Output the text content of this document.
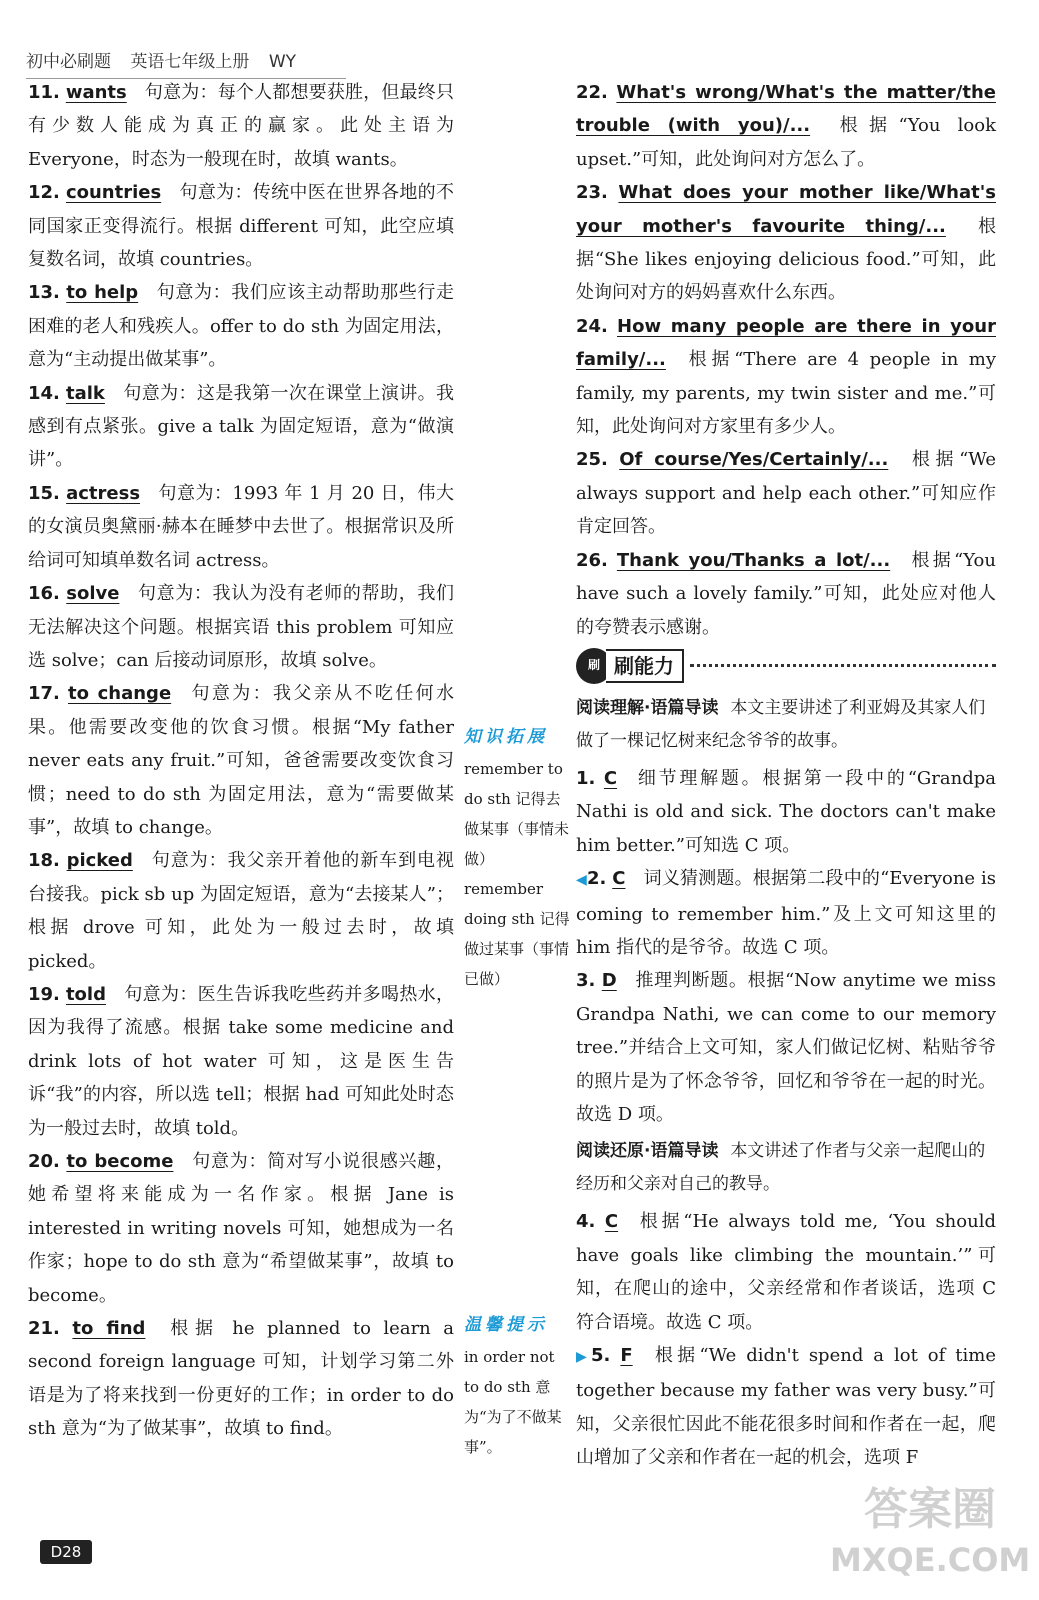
初中必刷题 英语七年级上册 WY
11. wants 句意为：每个人都想要获胜，但最终只有少数人能成为真正的赢家。此处主语为 Everyone，时态为一般现在时，故填 wants。
12. countries 句意为：传统中医在世界各地的不同国家正变得流行。根据 different 可知，此空应填复数名词，故填 countries。
13. to help 句意为：我们应该主动帮助那些行走困难的老人和残疾人。offer to do sth 为固定用法，意为“主动提出做某事”。
14. talk 句意为：这是我第一次在课堂上演讲。我感到有点紧张。give a talk 为固定短语，意为“做演讲”。
15. actress 句意为：1993 年 1 月 20 日，伟大的女演员奥黛丽·赫本在睡梦中去世了。根据常识及所给词可知填单数名词 actress。
16. solve 句意为：我认为没有老师的帮助，我们无法解决这个问题。根据宾语 this problem 可知应选 solve；can 后接动词原形，故填 solve。
17. to change 句意为：我父亲从不吃任何水果。他需要改变他的饮食习惯。根据“My father never eats any fruit.”可知，爸爸需要改变饮食习惯；need to do sth 为固定用法，意为“需要做某事”，故填 to change。
18. picked 句意为：我父亲开着他的新车到电视台接我。pick sb up 为固定短语，意为“去接某人”；根据 drove 可知，此处为一般过去时，故填 picked。
19. told 句意为：医生告诉我吃些药并多喝热水，因为我得了流感。根据 take some medicine and drink lots of hot water 可知，这是医生告诉“我”的内容，所以选 tell；根据 had 可知此处时态为一般过去时，故填 told。
20. to become 句意为：简对写小说很感兴趣，她希望将来能成为一名作家。根据 Jane is interested in writing novels 可知，她想成为一名作家；hope to do sth 意为“希望做某事”，故填 to become。
21. to find 根据 he planned to learn a second foreign language 可知，计划学习第二外语是为了将来找到一份更好的工作；in order to do sth 意为“为了做某事”，故填 to find。
知识拓展
remember to do sth 记得去做某事（事情未做）
remember doing sth 记得做过某事（事情已做）
温馨提示
in order not to do sth 意为“为了不做某事”。
22. What's wrong/What's the matter/the trouble (with you)/... 根据“You look upset.”可知，此处询问对方怎么了。
23. What does your mother like/What's your mother's favourite thing/... 根据“She likes enjoying delicious food.”可知，此处询问对方的妈妈喜欢什么东西。
24. How many people are there in your family/... 根据“There are 4 people in my family, my parents, my twin sister and me.”可知，此处询问对方家里有多少人。
25. Of course/Yes/Certainly/... 根据“We always support and help each other.”可知应作肯定回答。
26. Thank you/Thanks a lot/... 根据“You have such a lovely family.”可知，此处应对他人的夸赞表示感谢。
刷 刷能力
阅读理解·语篇导读 本文主要讲述了利亚姆及其家人们做了一棵记忆树来纪念爷爷的故事。
1. C 细节理解题。根据第一段中的“Grandpa Nathi is old and sick. The doctors can't make him better.”可知选 C 项。
◀2. C 词义猜测题。根据第二段中的“Everyone is coming to remember him.”及上文可知这里的 him 指代的是爷爷。故选 C 项。
3. D 推理判断题。根据“Now anytime we miss Grandpa Nathi, we can come to our memory tree.”并结合上文可知，家人们做记忆树、粘贴爷爷的照片是为了怀念爷爷，回忆和爷爷在一起的时光。故选 D 项。
阅读还原·语篇导读 本文讲述了作者与父亲一起爬山的经历和父亲对自己的教导。
4. C 根据“He always told me, ‘You should have goals like climbing the mountain.’”可知，在爬山的途中，父亲经常和作者谈话，选项 C 符合语境。故选 C 项。
▶5. F 根据“We didn't spend a lot of time together because my father was very busy.”可知，父亲很忙因此不能花很多时间和作者在一起，爬山增加了父亲和作者在一起的机会，选项 F
D28
答案圈
MXQE.COM
